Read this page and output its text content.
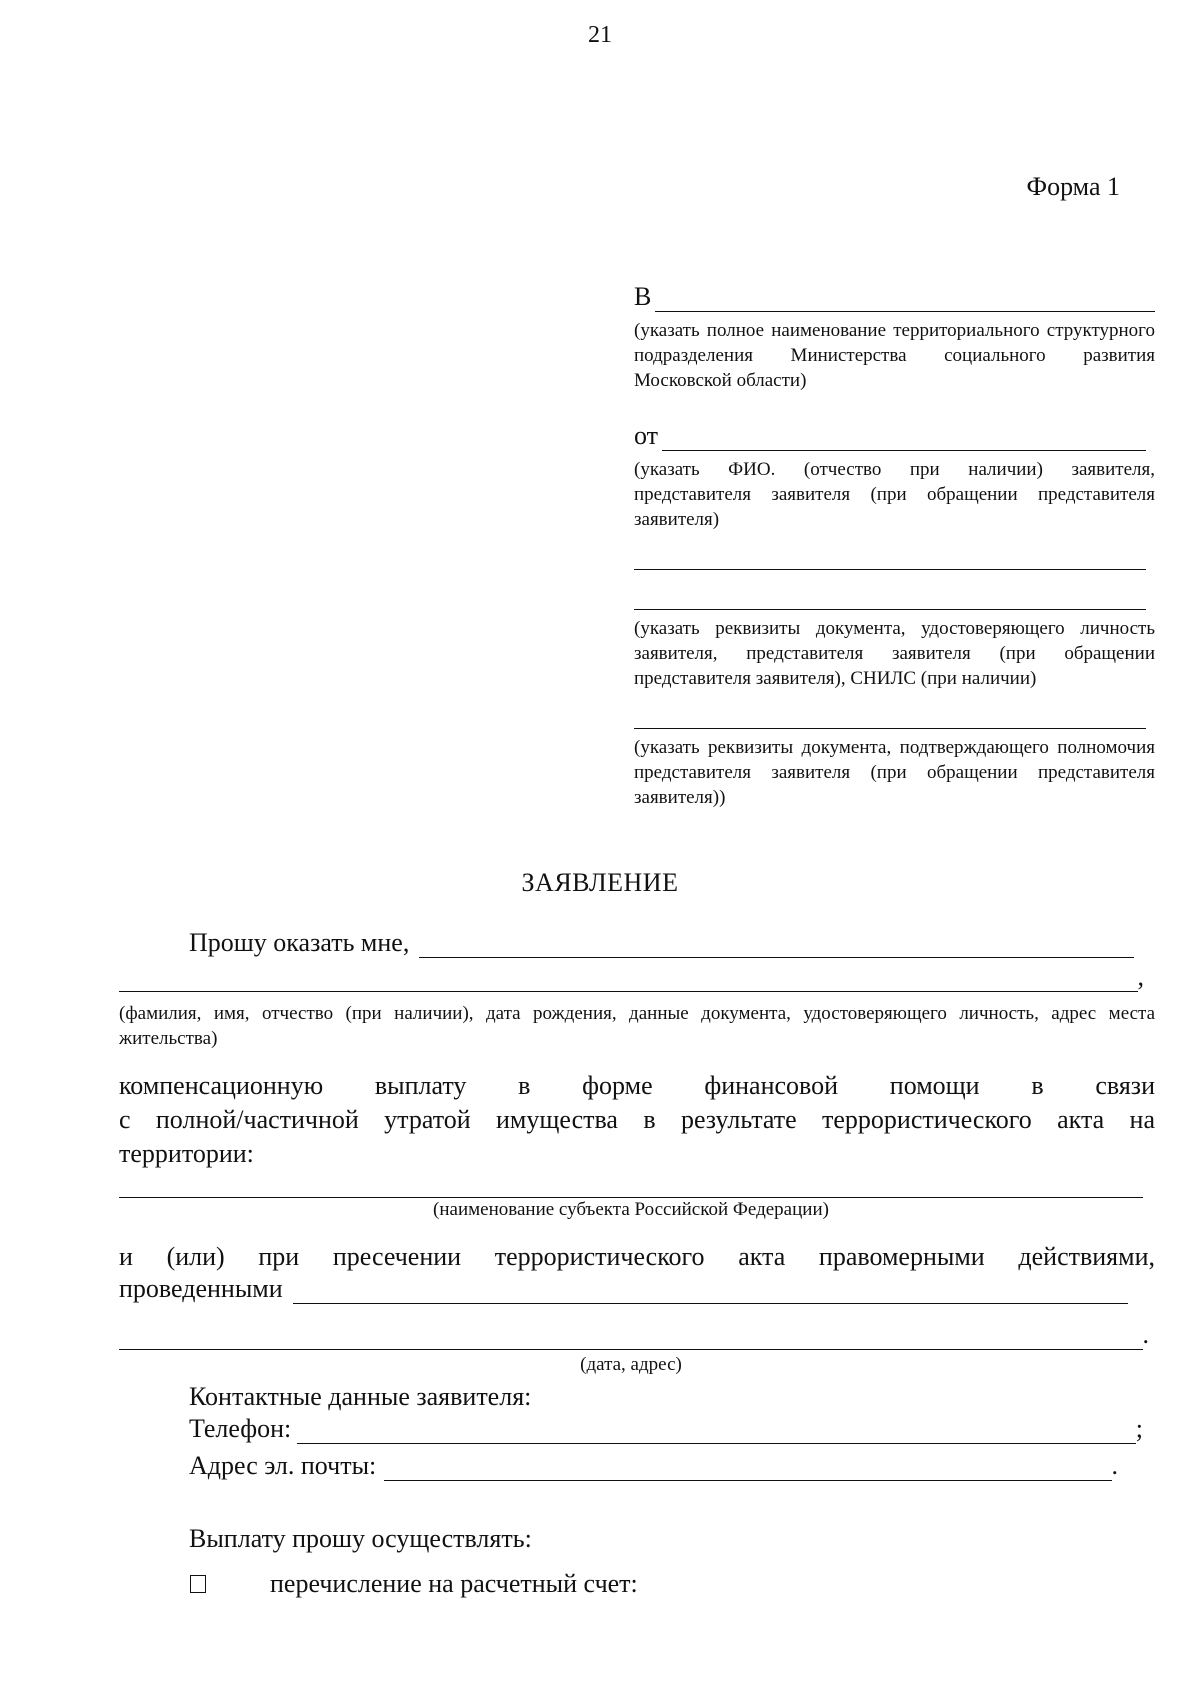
21
Форма 1
В
(указать полное наименование территориального структурного подразделения Министерства социального развития Московской области)
от
(указать ФИО. (отчество при наличии) заявителя, представителя заявителя (при обращении представителя заявителя)
(указать реквизиты документа, удостоверяющего личность заявителя, представителя заявителя (при обращении представителя заявителя), СНИЛС (при наличии)
(указать реквизиты документа, подтверждающего полномочия представителя заявителя (при обращении представителя заявителя))
ЗАЯВЛЕНИЕ
Прошу оказать мне,
,
(фамилия, имя, отчество (при наличии), дата рождения, данные документа, удостоверяющего личность, адрес места жительства)
компенсационную выплату в форме финансовой помощи в связи
с полной/частичной утратой имущества в результате террористического акта на
территории:
(наименование субъекта Российской Федерации)
и (или) при пресечении террористического акта правомерными действиями,
проведенными
.
(дата, адрес)
Контактные данные заявителя:
Телефон:	;
Адрес эл. почты:	.
Выплату прошу осуществлять:
перечисление на расчетный счет:
